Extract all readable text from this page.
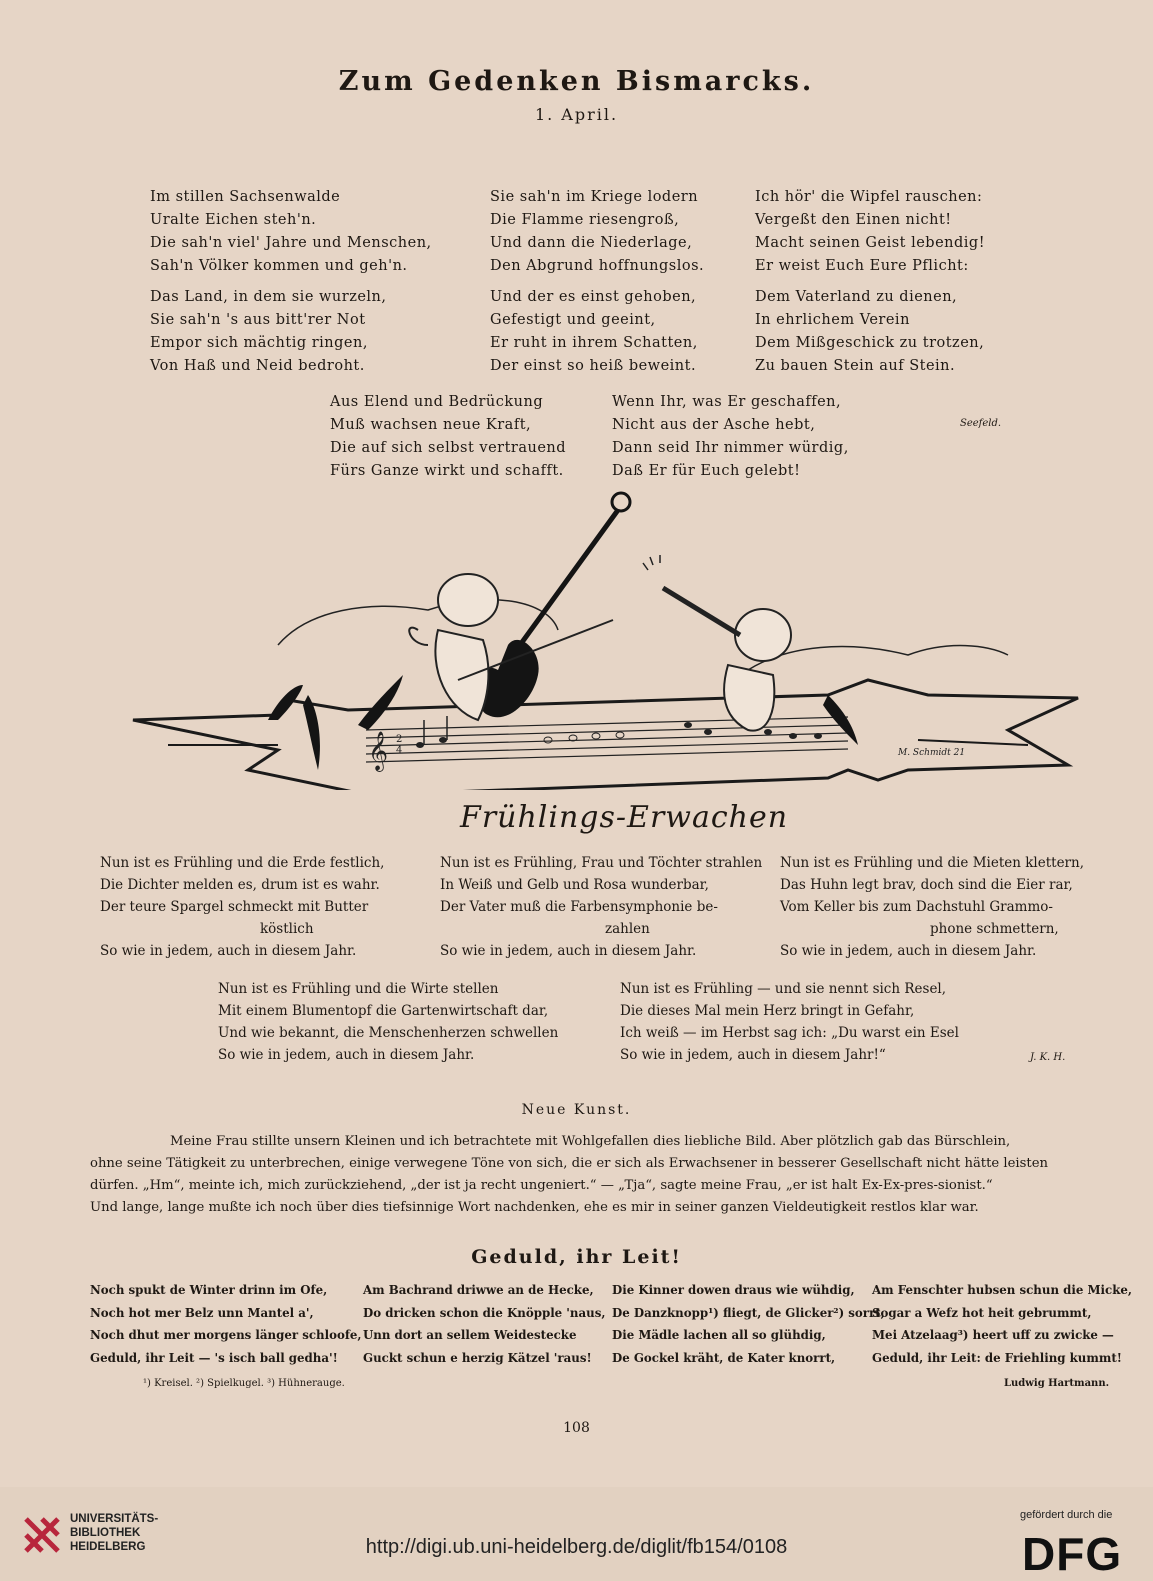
Zum Gedenken Bismarcks.
1. April.

Im stillen Sachsenwalde
Uralte Eichen steh'n.
Die sah'n viel' Jahre und Menschen,
Sah'n Völker kommen und geh'n.

Sie sah'n im Kriege lodern
Die Flamme riesengroß,
Und dann die Niederlage,
Den Abgrund hoffnungslos.

Ich hör' die Wipfel rauschen:
Vergeßt den Einen nicht!
Macht seinen Geist lebendig!
Er weist Euch Eure Pflicht:

Das Land, in dem sie wurzeln,
Sie sah'n 's aus bitt'rer Not
Empor sich mächtig ringen,
Von Haß und Neid bedroht.

Und der es einst gehoben,
Gefestigt und geeint,
Er ruht in ihrem Schatten,
Der einst so heiß beweint.

Dem Vaterland zu dienen,
In ehrlichem Verein
Dem Mißgeschick zu trotzen,
Zu bauen Stein auf Stein.

Aus Elend und Bedrückung
Muß wachsen neue Kraft,
Die auf sich selbst vertrauend
Fürs Ganze wirkt und schafft.

Wenn Ihr, was Er geschaffen,
Nicht aus der Asche hebt,
Dann seid Ihr nimmer würdig,
Daß Er für Euch gelebt!

Seefeld.
𝄞 2
4	M. Schmidt 21
Frühlings-Erwachen
Nun ist es Frühling und die Erde festlich,
Die Dichter melden es, drum ist es wahr.
Der teure Spargel schmeckt mit Butter
köstlich
So wie in jedem, auch in diesem Jahr.
Nun ist es Frühling, Frau und Töchter strahlen
In Weiß und Gelb und Rosa wunderbar,
Der Vater muß die Farbensymphonie be-
zahlen
So wie in jedem, auch in diesem Jahr.
Nun ist es Frühling und die Mieten klettern,
Das Huhn legt brav, doch sind die Eier rar,
Vom Keller bis zum Dachstuhl Grammo-
phone schmettern,
So wie in jedem, auch in diesem Jahr.
Nun ist es Frühling und die Wirte stellen
Mit einem Blumentopf die Gartenwirtschaft dar,
Und wie bekannt, die Menschenherzen schwellen
So wie in jedem, auch in diesem Jahr.
Nun ist es Frühling — und sie nennt sich Resel,
Die dieses Mal mein Herz bringt in Gefahr,
Ich weiß — im Herbst sag ich: „Du warst ein Esel
So wie in jedem, auch in diesem Jahr!“	J. K. H.
Neue Kunst.
Meine Frau stillte unsern Kleinen und ich betrachtete mit Wohlgefallen dies liebliche Bild. Aber plötzlich gab das Bürschlein,
ohne seine Tätigkeit zu unterbrechen, einige verwegene Töne von sich, die er sich als Erwachsener in besserer Gesellschaft nicht hätte leisten
dürfen. „Hm“, meinte ich, mich zurückziehend, „der ist ja recht ungeniert.“ — „Tja“, sagte meine Frau, „er ist halt Ex-Ex-pres-sionist.“
Und lange, lange mußte ich noch über dies tiefsinnige Wort nachdenken, ehe es mir in seiner ganzen Vieldeutigkeit restlos klar war.
Geduld, ihr Leit!
Noch spukt de Winter drinn im Ofe,
Noch hot mer Belz unn Mantel a',
Noch dhut mer morgens länger schloofe,
Geduld, ihr Leit — 's isch ball gedha'!
Am Bachrand driwwe an de Hecke,
Do dricken schon die Knöpple 'naus,
Unn dort an sellem Weidestecke
Guckt schun e herzig Kätzel 'raus!
Die Kinner dowen draus wie wühdig,
De Danzknopp¹) fliegt, de Glicker²) sorrt,
Die Mädle lachen all so glühdig,
De Gockel kräht, de Kater knorrt,
Am Fenschter hubsen schun die Micke,
Sogar a Wefz hot heit gebrummt,
Mei Atzelaag³) heert uff zu zwicke —
Geduld, ihr Leit: de Friehling kummt!
¹) Kreisel. ²) Spielkugel. ³) Hühnerauge.	Ludwig Hartmann.
108
UNIVERSITÄTS-
BIBLIOTHEK
HEIDELBERG	http://digi.ub.uni-heidelberg.de/diglit/fb154/0108
gefördert durch die
DFG
